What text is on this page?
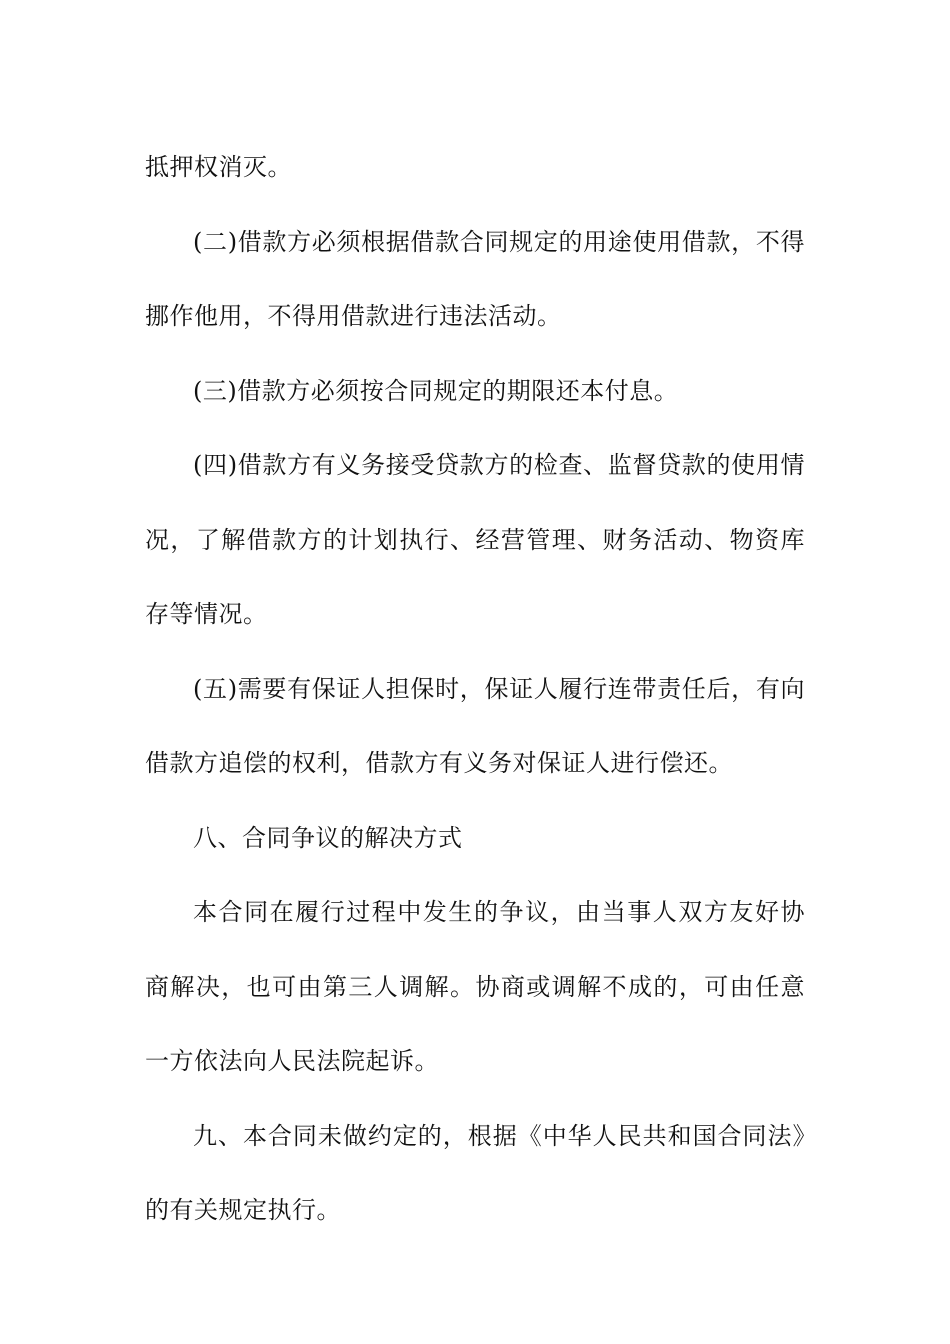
抵押权消灭。

(二)借款方必须根据借款合同规定的用途使用借款，不得挪作他用，不得用借款进行违法活动。

(三)借款方必须按合同规定的期限还本付息。

(四)借款方有义务接受贷款方的检查、监督贷款的使用情况，了解借款方的计划执行、经营管理、财务活动、物资库存等情况。

(五)需要有保证人担保时，保证人履行连带责任后，有向借款方追偿的权利，借款方有义务对保证人进行偿还。

八、合同争议的解决方式

本合同在履行过程中发生的争议，由当事人双方友好协商解决，也可由第三人调解。协商或调解不成的，可由任意一方依法向人民法院起诉。

九、本合同未做约定的，根据《中华人民共和国合同法》的有关规定执行。
